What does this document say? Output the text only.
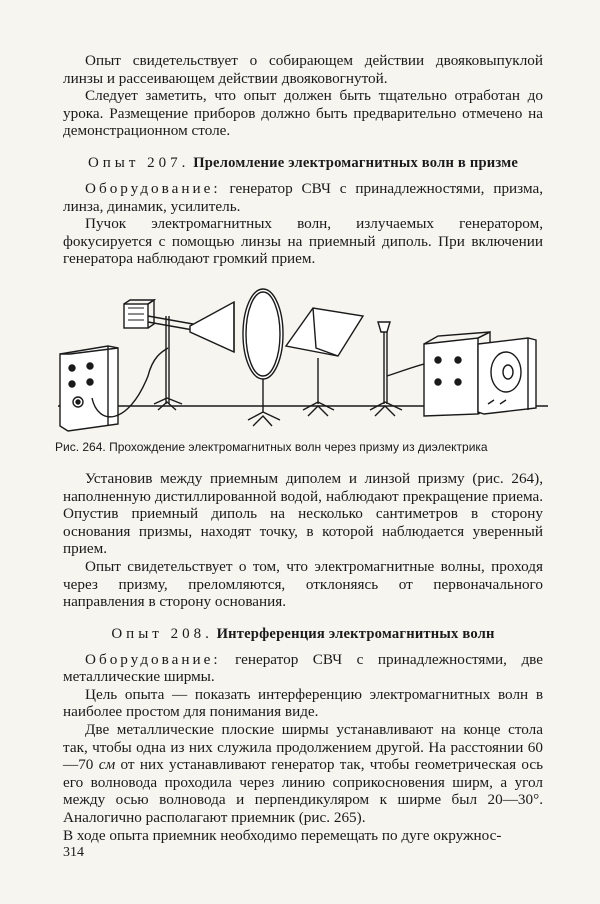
Опыт свидетельствует о собирающем действии двояковыпуклой линзы и рассеивающем действии двояковогнутой.

Следует заметить, что опыт должен быть тщательно отработан до урока. Размещение приборов должно быть предварительно отмечено на демонстрационном столе.

Опыт 207. Преломление электромагнитных волн в призме

Оборудование: генератор СВЧ с принадлежностями, призма, линза, динамик, усилитель.

Пучок электромагнитных волн, излучаемых генератором, фокусируется с помощью линзы на приемный диполь. При включении генератора наблюдают громкий прием.

Рис. 264. Прохождение электромагнитных волн через призму из диэлектрика

Установив между приемным диполем и линзой призму (рис. 264), наполненную дистиллированной водой, наблюдают прекращение приема. Опустив приемный диполь на несколько сантиметров в сторону основания призмы, находят точку, в которой наблюдается уверенный прием.

Опыт свидетельствует о том, что электромагнитные волны, проходя через призму, преломляются, отклоняясь от первоначального направления в сторону основания.

Опыт 208. Интерференция электромагнитных волн

Оборудование: генератор СВЧ с принадлежностями, две металлические ширмы.

Цель опыта — показать интерференцию электромагнитных волн в наиболее простом для понимания виде.

Две металлические плоские ширмы устанавливают на конце стола так, чтобы одна из них служила продолжением другой. На расстоянии 60—70 см от них устанавливают генератор так, чтобы геометрическая ось его волновода проходила через линию соприкосновения ширм, а угол между осью волновода и перпендикуляром к ширме был 20—30°. Аналогично располагают приемник (рис. 265).

В ходе опыта приемник необходимо перемещать по дуге окружнос-

314
